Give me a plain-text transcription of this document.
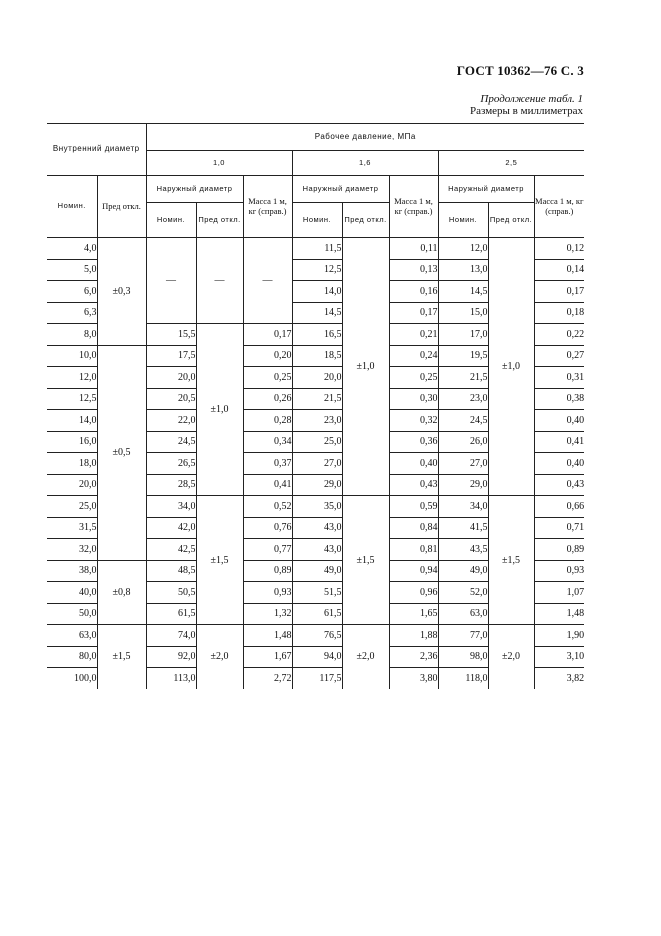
ГОСТ 10362—76 С. 3
Продолжение табл. 1
Размеры в миллиметрах
Внутренний диаметр		Рабочее давление, МПа								
		1,0			1,6			2,5		
Номин.	Пред откл.	Наружный диаметр		Масса 1 м, кг (справ.)	Наружный диаметр		Масса 1 м, кг (справ.)	Наружный диаметр		Масса 1 м, кг (справ.)
		Номин.	Пред откл.		Номин.	Пред откл.		Номин.	Пред откл.	
4,0	±0,3	—	—	—	11,5	±1,0	0,11	12,0	±1,0	0,12
5,0					12,5		0,13	13,0		0,14
6,0					14,0		0,16	14,5		0,17
6,3					14,5		0,17	15,0		0,18
8,0		15,5	±1,0	0,17	16,5		0,21	17,0		0,22
10,0	±0,5	17,5		0,20	18,5		0,24	19,5		0,27
12,0		20,0		0,25	20,0		0,25	21,5		0,31
12,5		20,5		0,26	21,5		0,30	23,0		0,38
14,0		22,0		0,28	23,0		0,32	24,5		0,40
16,0		24,5		0,34	25,0		0,36	26,0		0,41
18,0		26,5		0,37	27,0		0,40	27,0		0,40
20,0		28,5		0,41	29,0		0,43	29,0		0,43
25,0		34,0	±1,5	0,52	35,0	±1,5	0,59	34,0	±1,5	0,66
31,5		42,0		0,76	43,0		0,84	41,5		0,71
32,0		42,5		0,77	43,0		0,81	43,5		0,89
38,0	±0,8	48,5		0,89	49,0		0,94	49,0		0,93
40,0		50,5		0,93	51,5		0,96	52,0		1,07
50,0		61,5		1,32	61,5		1,65	63,0		1,48
63,0	±1,5	74,0	±2,0	1,48	76,5	±2,0	1,88	77,0	±2,0	1,90
80,0		92,0		1,67	94,0		2,36	98,0		3,10
100,0		113,0		2,72	117,5		3,80	118,0		3,82
